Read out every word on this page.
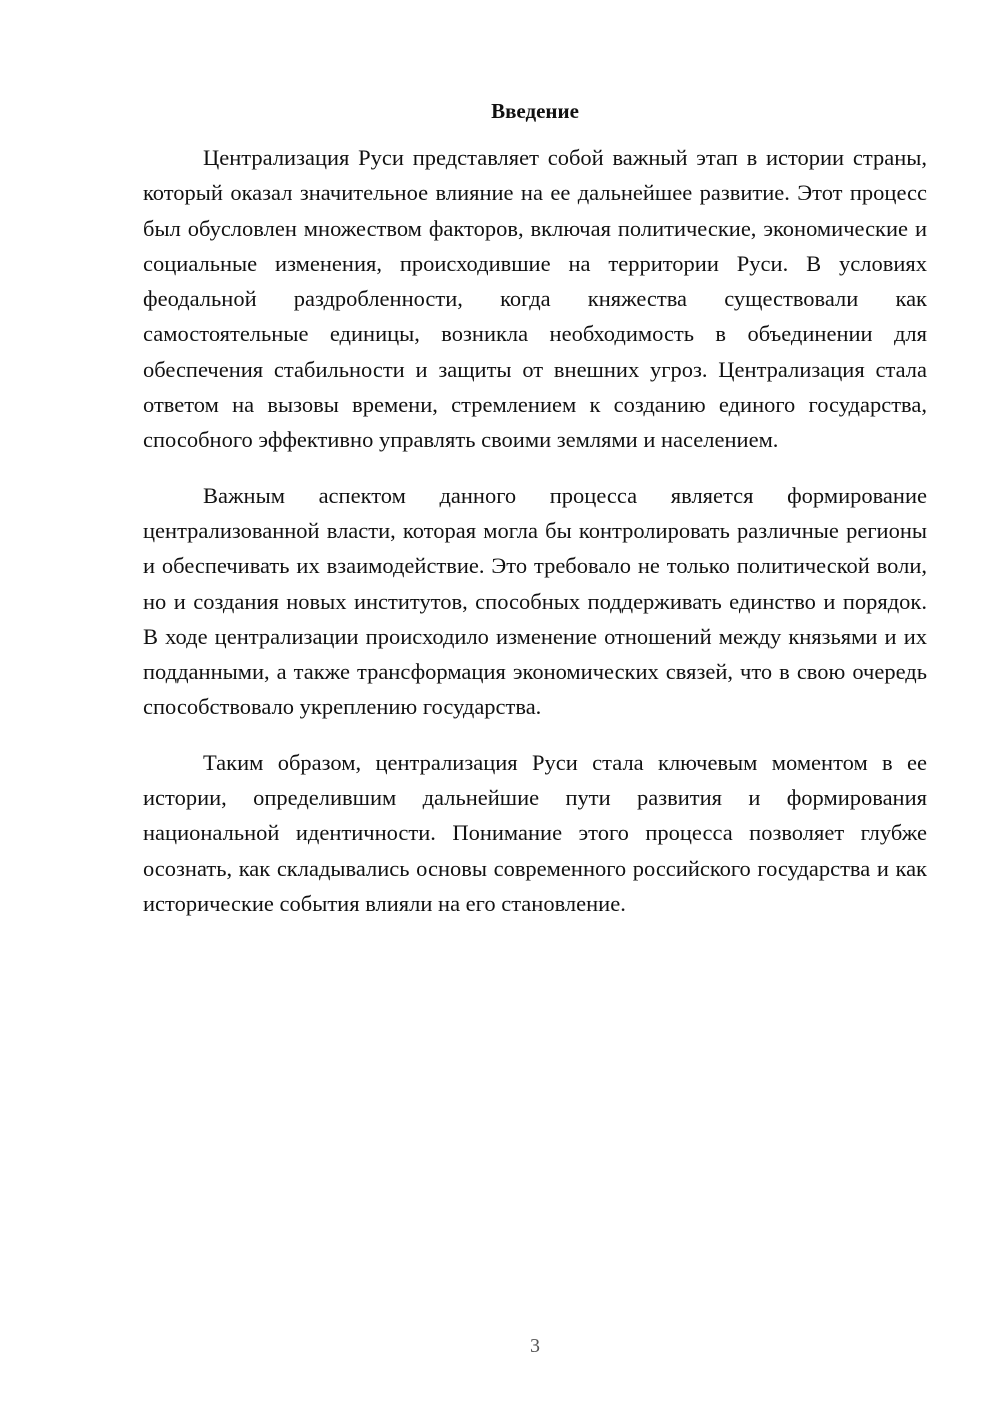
Введение

Централизация Руси представляет собой важный этап в истории страны, который оказал значительное влияние на ее дальнейшее развитие. Этот процесс был обусловлен множеством факторов, включая политические, экономические и социальные изменения, происходившие на территории Руси. В условиях феодальной раздробленности, когда княжества существовали как самостоятельные единицы, возникла необходимость в объединении для обеспечения стабильности и защиты от внешних угроз. Централизация стала ответом на вызовы времени, стремлением к созданию единого государства, способного эффективно управлять своими землями и населением.

Важным аспектом данного процесса является формирование централизованной власти, которая могла бы контролировать различные регионы и обеспечивать их взаимодействие. Это требовало не только политической воли, но и создания новых институтов, способных поддерживать единство и порядок. В ходе централизации происходило изменение отношений между князьями и их подданными, а также трансформация экономических связей, что в свою очередь способствовало укреплению государства.

Таким образом, централизация Руси стала ключевым моментом в ее истории, определившим дальнейшие пути развития и формирования национальной идентичности. Понимание этого процесса позволяет глубже осознать, как складывались основы современного российского государства и как исторические события влияли на его становление.

3
